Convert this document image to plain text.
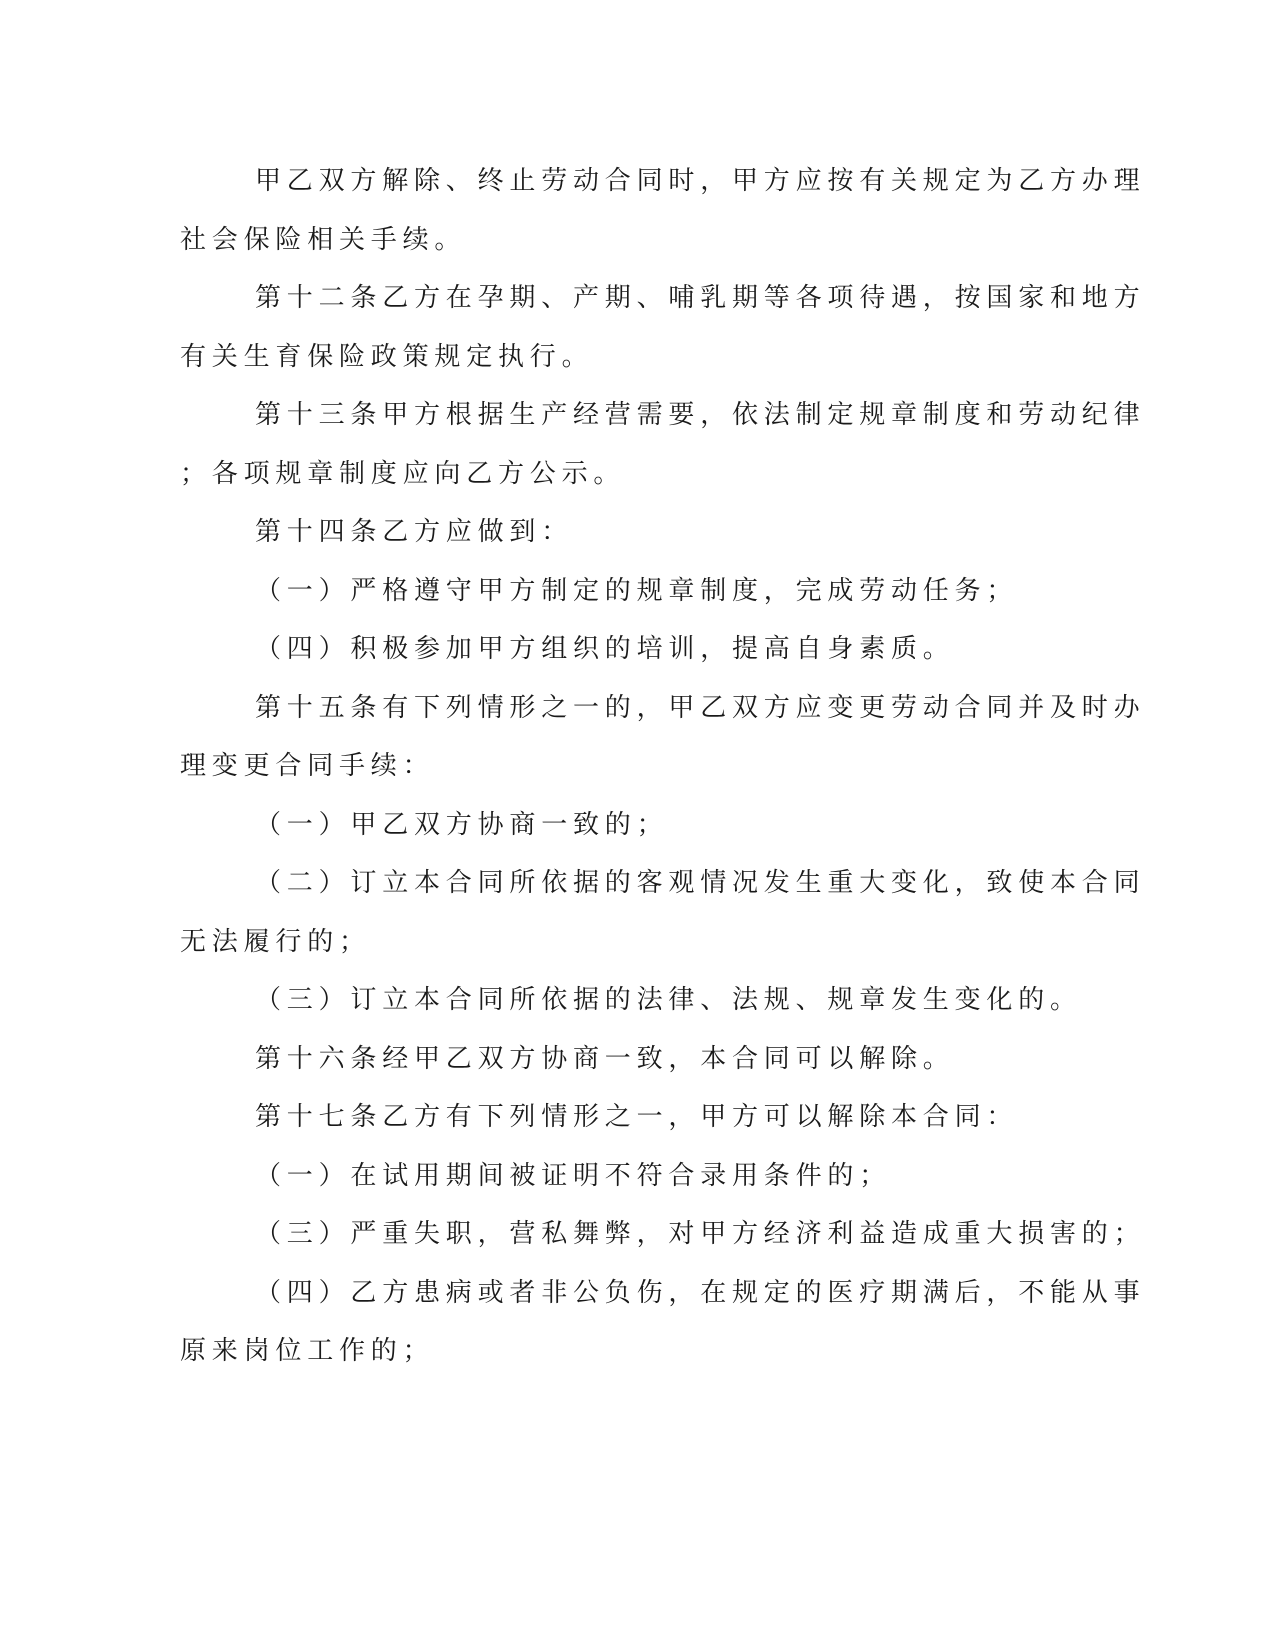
甲乙双方解除、终止劳动合同时，甲方应按有关规定为乙方办理
社会保险相关手续。

第十二条乙方在孕期、产期、哺乳期等各项待遇，按国家和地方
有关生育保险政策规定执行。

第十三条甲方根据生产经营需要，依法制定规章制度和劳动纪律
；各项规章制度应向乙方公示。

第十四条乙方应做到：

（一）严格遵守甲方制定的规章制度，完成劳动任务；

（四）积极参加甲方组织的培训，提高自身素质。

第十五条有下列情形之一的，甲乙双方应变更劳动合同并及时办
理变更合同手续：

（一）甲乙双方协商一致的；

（二）订立本合同所依据的客观情况发生重大变化，致使本合同
无法履行的；

（三）订立本合同所依据的法律、法规、规章发生变化的。

第十六条经甲乙双方协商一致，本合同可以解除。

第十七条乙方有下列情形之一，甲方可以解除本合同：

（一）在试用期间被证明不符合录用条件的；

（三）严重失职，营私舞弊，对甲方经济利益造成重大损害的；

（四）乙方患病或者非公负伤，在规定的医疗期满后，不能从事
原来岗位工作的；
